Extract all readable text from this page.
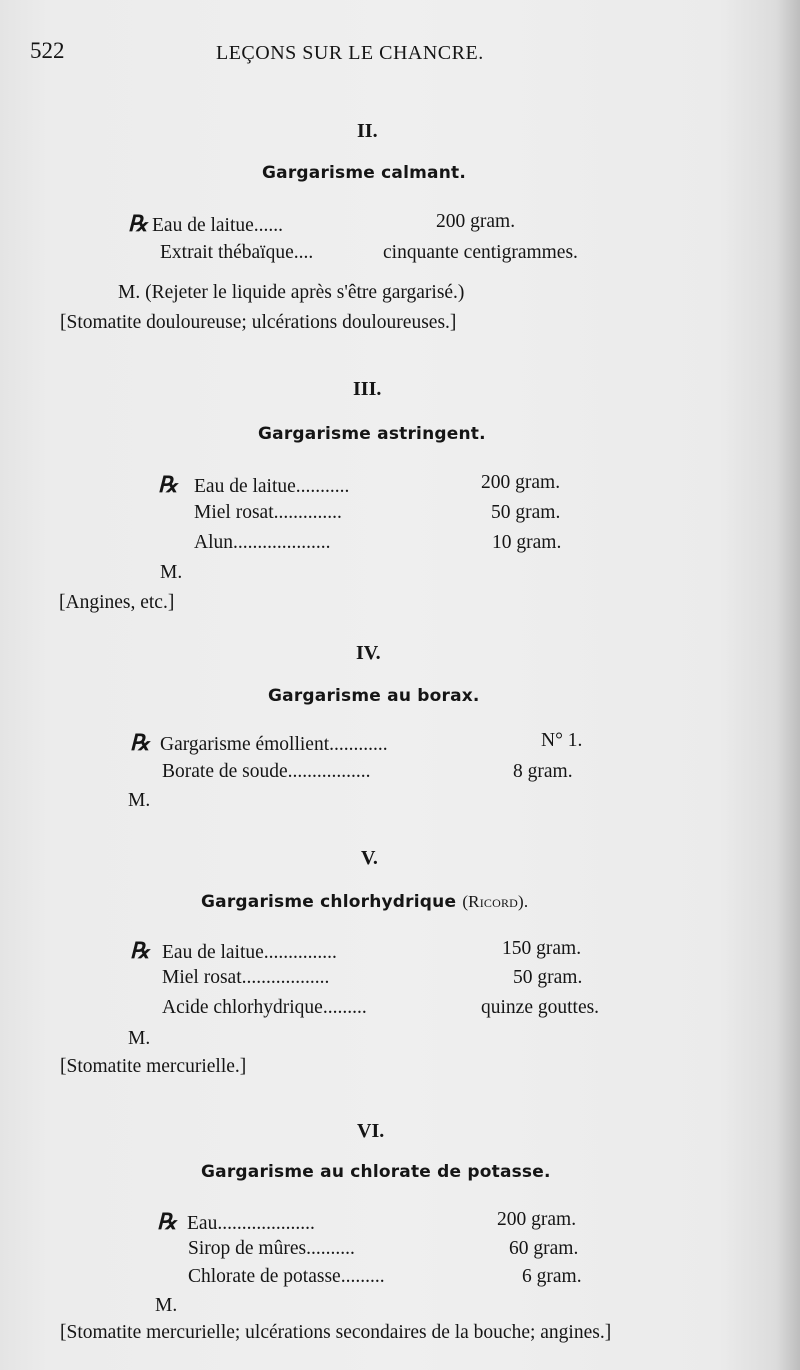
522	LEÇONS SUR LE CHANCRE.
II.
Gargarisme calmant.
℞ Eau de laitue......	200 gram.
Extrait thébaïque....	cinquante centigrammes.
M. (Rejeter le liquide après s'être gargarisé.)
[Stomatite douloureuse; ulcérations douloureuses.]
III.
Gargarisme astringent.
℞ Eau de laitue...........	200 gram.
Miel rosat..............	50 gram.
Alun....................	10 gram.
M.
[Angines, etc.]
IV.
Gargarisme au borax.
℞ Gargarisme émollient............	N° 1.
Borate de soude.................	8 gram.
M.
V.
Gargarisme chlorhydrique (Ricord).
℞ Eau de laitue...............	150 gram.
Miel rosat..................	50 gram.
Acide chlorhydrique.........	quinze gouttes.
M.
[Stomatite mercurielle.]
VI.
Gargarisme au chlorate de potasse.
℞ Eau....................	200 gram.
Sirop de mûres..........	60 gram.
Chlorate de potasse.........	6 gram.
M.
[Stomatite mercurielle; ulcérations secondaires de la bouche; angines.]
